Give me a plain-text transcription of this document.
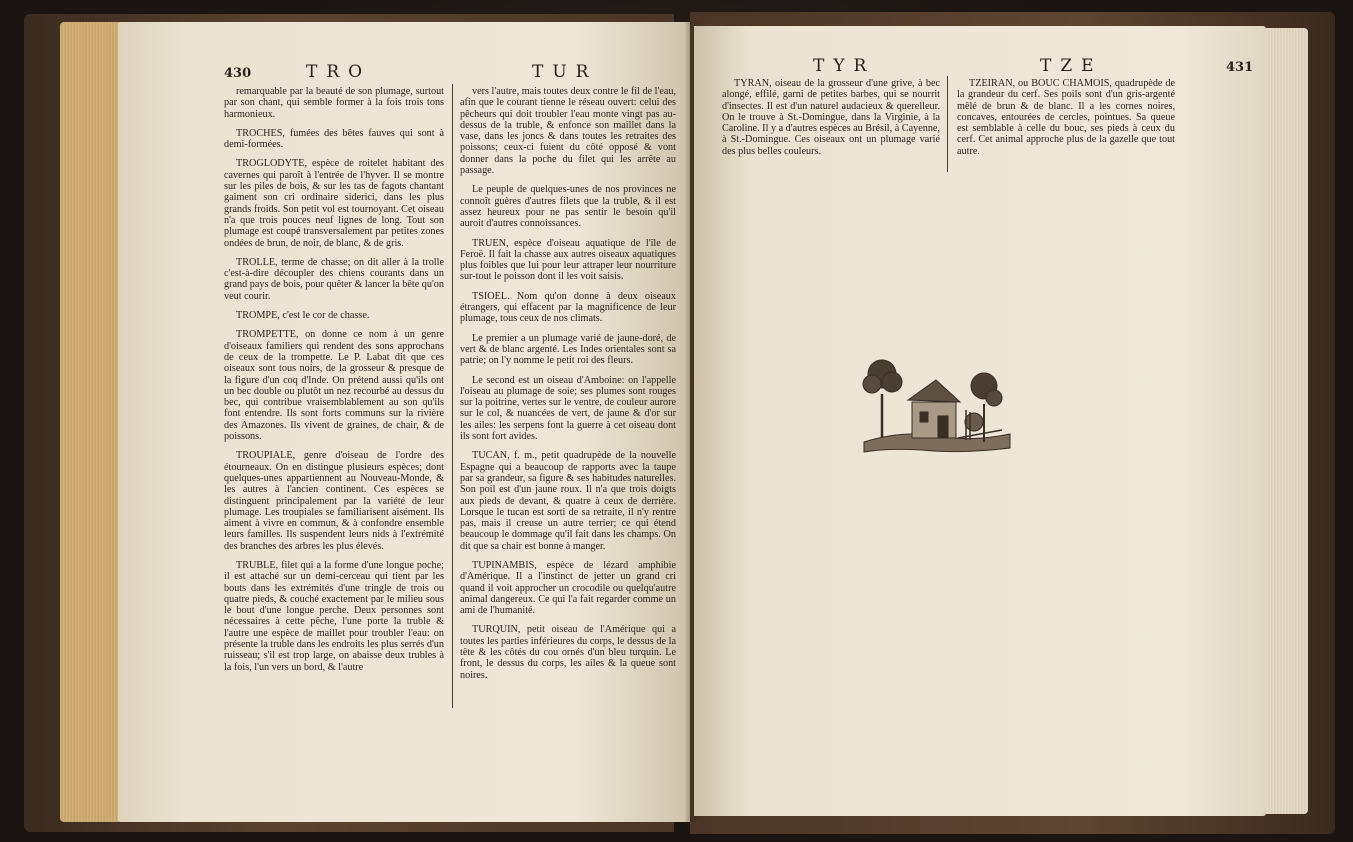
430	TRO	TUR

remarquable par la beauté de son plumage, surtout par son chant, qui semble former à la fois trois tons harmonieux.

TROCHES, fumées des bêtes fauves qui sont à demi-formées.

TROGLODYTE, espèce de roitelet habitant des cavernes qui paroît à l'entrée de l'hyver. Il se montre sur les piles de bois, & sur les tas de fagots chantant gaiment son cri ordinaire siderici, dans les plus grands froids. Son petit vol est tournoyant. Cet oiseau n'a que trois pouces neuf lignes de long. Tout son plumage est coupé transversalement par petites zones ondées de brun, de noir, de blanc, & de gris.

TROLLE, terme de chasse; on dit aller à la trolle c'est-à-dire découpler des chiens courants dans un grand pays de bois, pour quêter & lancer la bête qu'on veut courir.

TROMPE, c'est le cor de chasse.

TROMPETTE, on donne ce nom à un genre d'oiseaux familiers qui rendent des sons approchans de ceux de la trompette. Le P. Labat dit que ces oiseaux sont tous noirs, de la grosseur & presque de la figure d'un coq d'Inde. On prétend aussi qu'ils ont un bec double ou plutôt un nez recourbé au dessus du bec, qui contribue vraisemblablement au son qu'ils font entendre. Ils sont forts communs sur la rivière des Amazones. Ils vivent de graines, de chair, & de poissons.

TROUPIALE, genre d'oiseau de l'ordre des étourneaux. On en distingue plusieurs espèces; dont quelques-unes appartiennent au Nouveau-Monde, & les autres à l'ancien continent. Ces espèces se distinguent principalement par la variété de leur plumage. Les troupiales se familiarisent aisément. Ils aiment à vivre en commun, & à confondre ensemble leurs familles. Ils suspendent leurs nids à l'extrémité des branches des arbres les plus élevés.

TRUBLE, filet qui a la forme d'une longue poche; il est attaché sur un demi-cerceau qui tient par les bouts dans les extrémités d'une tringle de trois ou quatre pieds, & couché exactement par le milieu sous le bout d'une longue perche. Deux personnes sont nécessaires à cette pêche, l'une porte la truble & l'autre une espèce de maillet pour troubler l'eau: on présente la truble dans les endroits les plus serrés d'un ruisseau; s'il est trop large, on abaisse deux trubles à la fois, l'un vers un bord, & l'autre

vers l'autre, mais toutes deux contre le fil de l'eau, afin que le courant tienne le réseau ouvert: celui des pêcheurs qui doit troubler l'eau monte vingt pas au-dessus de la truble, & enfonce son maillet dans la vase, dans les joncs & dans toutes les retraites des poissons; ceux-ci fuient du côté opposé & vont donner dans la poche du filet qui les arrête au passage.

Le peuple de quelques-unes de nos provinces ne connoît guères d'autres filets que la truble, & il est assez heureux pour ne pas sentir le besoin qu'il auroit d'autres connoissances.

TRUEN, espèce d'oiseau aquatique de l'île de Feroë. Il fait la chasse aux autres oiseaux aquatiques plus foibles que lui pour leur attraper leur nourriture sur-tout le poisson dont il les voit saisis.

TSIOEL. Nom qu'on donne à deux oiseaux étrangers, qui effacent par la magnificence de leur plumage, tous ceux de nos climats.

Le premier a un plumage varié de jaune-doré, de vert & de blanc argenté. Les Indes orientales sont sa patrie; on l'y nomme le petit roi des fleurs.

Le second est un oiseau d'Amboine: on l'appelle l'oiseau au plumage de soie; ses plumes sont rouges sur la poitrine, vertes sur le ventre, de couleur aurore sur le col, & nuancées de vert, de jaune & d'or sur les ailes: les serpens font la guerre à cet oiseau dont ils sont fort avides.

TUCAN, f. m., petit quadrupède de la nouvelle Espagne qui a beaucoup de rapports avec la taupe par sa grandeur, sa figure & ses habitudes naturelles. Son poil est d'un jaune roux. Il n'a que trois doigts aux pieds de devant, & quatre à ceux de derrière. Lorsque le tucan est sorti de sa retraite, il n'y rentre pas, mais il creuse un autre terrier; ce qui étend beaucoup le dommage qu'il fait dans les champs. On dit que sa chair est bonne à manger.

TUPINAMBIS, espèce de lézard amphibie d'Amérique. Il a l'instinct de jetter un grand cri quand il voit approcher un crocodile ou quelqu'autre animal dangereux. Ce qui l'a fait regarder comme un ami de l'humanité.

TURQUIN, petit oiseau de l'Amérique qui a toutes les parties inférieures du corps, le dessus de la tête & les côtés du cou ornés d'un bleu turquin. Le front, le dessus du corps, les ailes & la queue sont noires.

TYR	TZE	431

TYRAN, oiseau de la grosseur d'une grive, à bec alongé, effilé, garni de petites barbes, qui se nourrit d'insectes. Il est d'un naturel audacieux & querelleur. On le trouve à St.-Domingue, dans la Virginie, à la Caroline. Il y a d'autres espèces au Brésil, à Cayenne, à St.-Domingue. Ces oiseaux ont un plumage varié des plus belles couleurs.

TZEIRAN, ou BOUC CHAMOIS, quadrupède de la grandeur du cerf. Ses poils sont d'un gris-argenté mêlé de brun & de blanc. Il a les cornes noires, concaves, entourées de cercles, pointues. Sa queue est semblable à celle du bouc, ses pieds à ceux du cerf. Cet animal approche plus de la gazelle que tout autre.
